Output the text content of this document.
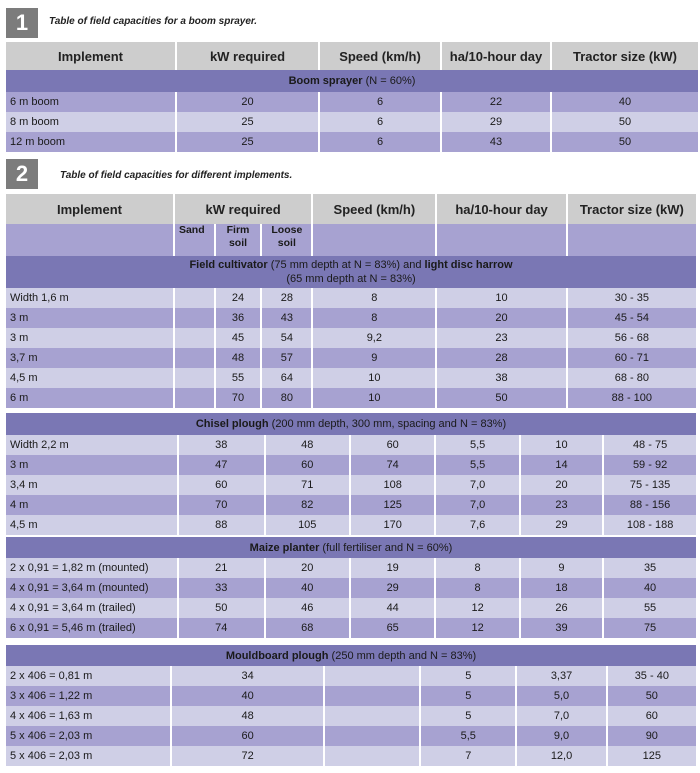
1	Table of field capacities for a boom sprayer.
Implement	kW required	Speed (km/h)	ha/10-hour day	Tractor size (kW)
Boom sprayer (N = 60%)				
6 m boom	20	6	22	40
8 m boom	25	6	29	50
12 m boom	25	6	43	50
2	Table of field capacities for different implements.
Implement	kW required			Speed (km/h)	ha/10-hour day	Tractor size (kW)
	Sand	Firm soil	Loose soil			
Field cultivator (75 mm depth at N = 83%) and light disc harrow
(65 mm depth at N = 83%)						
Width 1,6 m		24	28	8	10	30 - 35
3 m		36	43	8	20	45 - 54
3 m		45	54	9,2	23	56 - 68
3,7 m		48	57	9	28	60 - 71
4,5 m		55	64	10	38	68 - 80
6 m		70	80	10	50	88 - 100
Chisel plough (200 mm depth, 300 mm, spacing and N = 83%)						
Width 2,2 m	38	48	60	5,5	10	48 - 75
3 m	47	60	74	5,5	14	59 - 92
3,4 m	60	71	108	7,0	20	75 - 135
4 m	70	82	125	7,0	23	88 - 156
4,5 m	88	105	170	7,6	29	108 - 188
Maize planter (full fertiliser and N = 60%)						
2 x 0,91 = 1,82 m (mounted)	21	20	19	8	9	35
4 x 0,91 = 3,64 m (mounted)	33	40	29	8	18	40
4 x 0,91 = 3,64 m (trailed)	50	46	44	12	26	55
6 x 0,91 = 5,46 m (trailed)	74	68	65	12	39	75
Mouldboard plough (250 mm depth and N = 83%)					
2 x 406 = 0,81 m	34		5	3,37	35 - 40
3 x 406 = 1,22 m	40		5	5,0	50
4 x 406 = 1,63 m	48		5	7,0	60
5 x 406 = 2,03 m	60		5,5	9,0	90
5 x 406 = 2,03 m	72		7	12,0	125
